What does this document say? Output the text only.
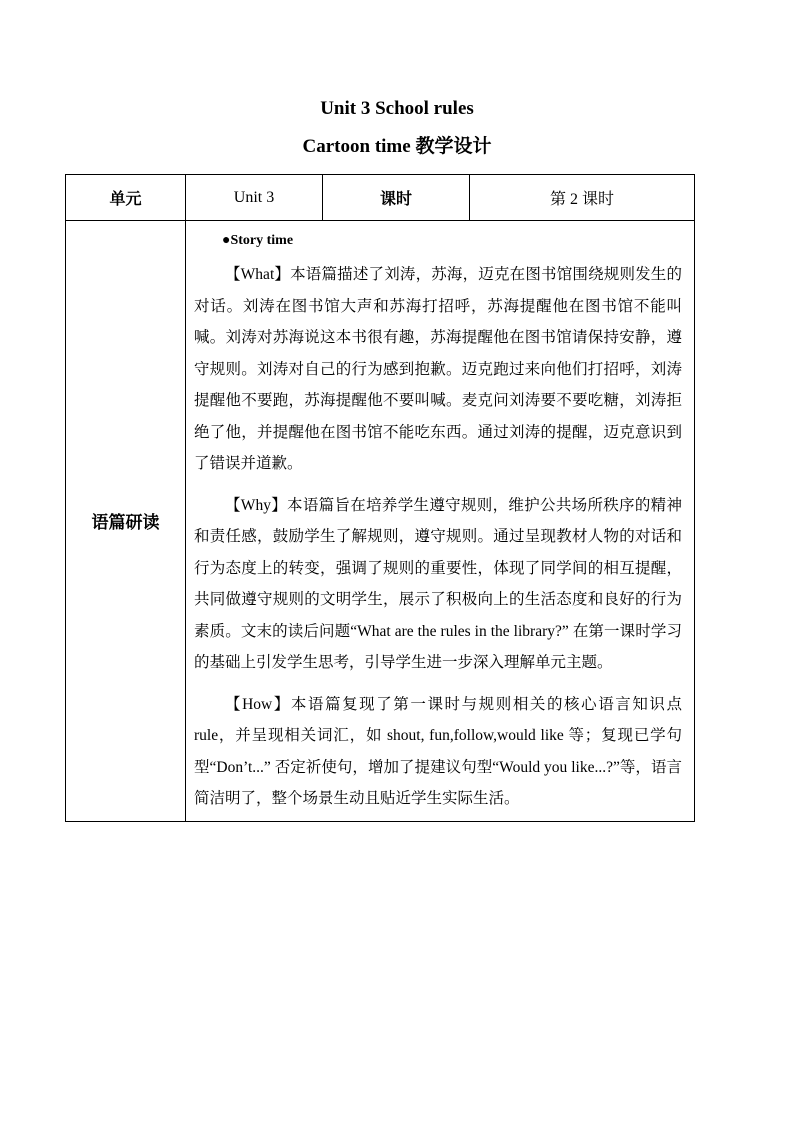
Unit 3 School rules
Cartoon time 教学设计
单元	Unit 3	课时	第 2 课时
语篇研读	●Story time

【What】本语篇描述了刘涛，苏海，迈克在图书馆围绕规则发生的对话。刘涛在图书馆大声和苏海打招呼，苏海提醒他在图书馆不能叫喊。刘涛对苏海说这本书很有趣，苏海提醒他在图书馆请保持安静，遵守规则。刘涛对自己的行为感到抱歉。迈克跑过来向他们打招呼，刘涛提醒他不要跑，苏海提醒他不要叫喊。麦克问刘涛要不要吃糖，刘涛拒绝了他，并提醒他在图书馆不能吃东西。通过刘涛的提醒，迈克意识到了错误并道歉。

【Why】本语篇旨在培养学生遵守规则，维护公共场所秩序的精神和责任感，鼓励学生了解规则，遵守规则。通过呈现教材人物的对话和行为态度上的转变，强调了规则的重要性，体现了同学间的相互提醒，共同做遵守规则的文明学生，展示了积极向上的生活态度和良好的行为素质。文末的读后问题“What are the rules in the library?” 在第一课时学习的基础上引发学生思考，引导学生进一步深入理解单元主题。

【How】本语篇复现了第一课时与规则相关的核心语言知识点 rule，并呈现相关词汇，如 shout, fun,follow,would like 等；复现已学句型“Don’t...” 否定祈使句，增加了提建议句型“Would you like...?”等，语言简洁明了，整个场景生动且贴近学生实际生活。		
